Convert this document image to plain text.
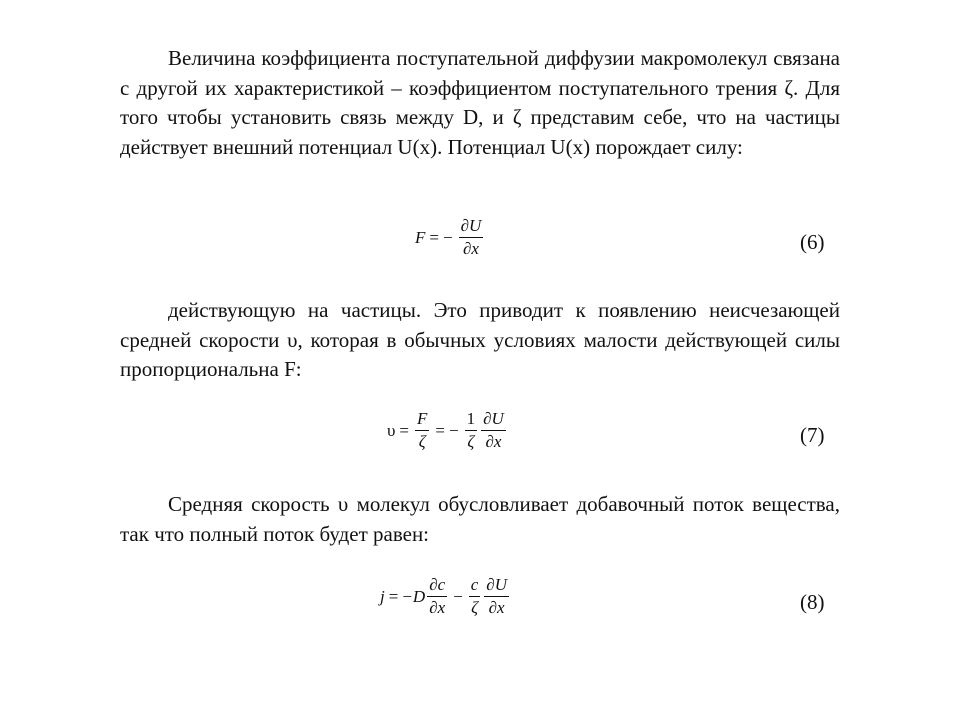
Величина коэффициента поступательной диффузии макромолекул связана с другой их характеристикой – коэффициентом поступательного трения ζ. Для того чтобы установить связь между D, и ζ представим себе, что на частицы действует внешний потенциал U(x). Потенциал U(x) порождает силу:

F = − $\frac{\partial U}{\partial x}$	(6)

действующую на частицы. Это приводит к появлению неисчезающей средней скорости υ, которая в обычных условиях малости действующей силы пропорциональна F:

$\upsilon = \frac{F}{\zeta}$ = − $\frac{1}{\zeta} \frac{\partial U}{\partial x}$	(7)

Средняя скорость υ молекул обусловливает добавочный поток вещества, так что полный поток будет равен:

j = − D $\frac{\partial c}{\partial x} - \frac{c}{\zeta} \frac{\partial U}{\partial x}$	(8)
